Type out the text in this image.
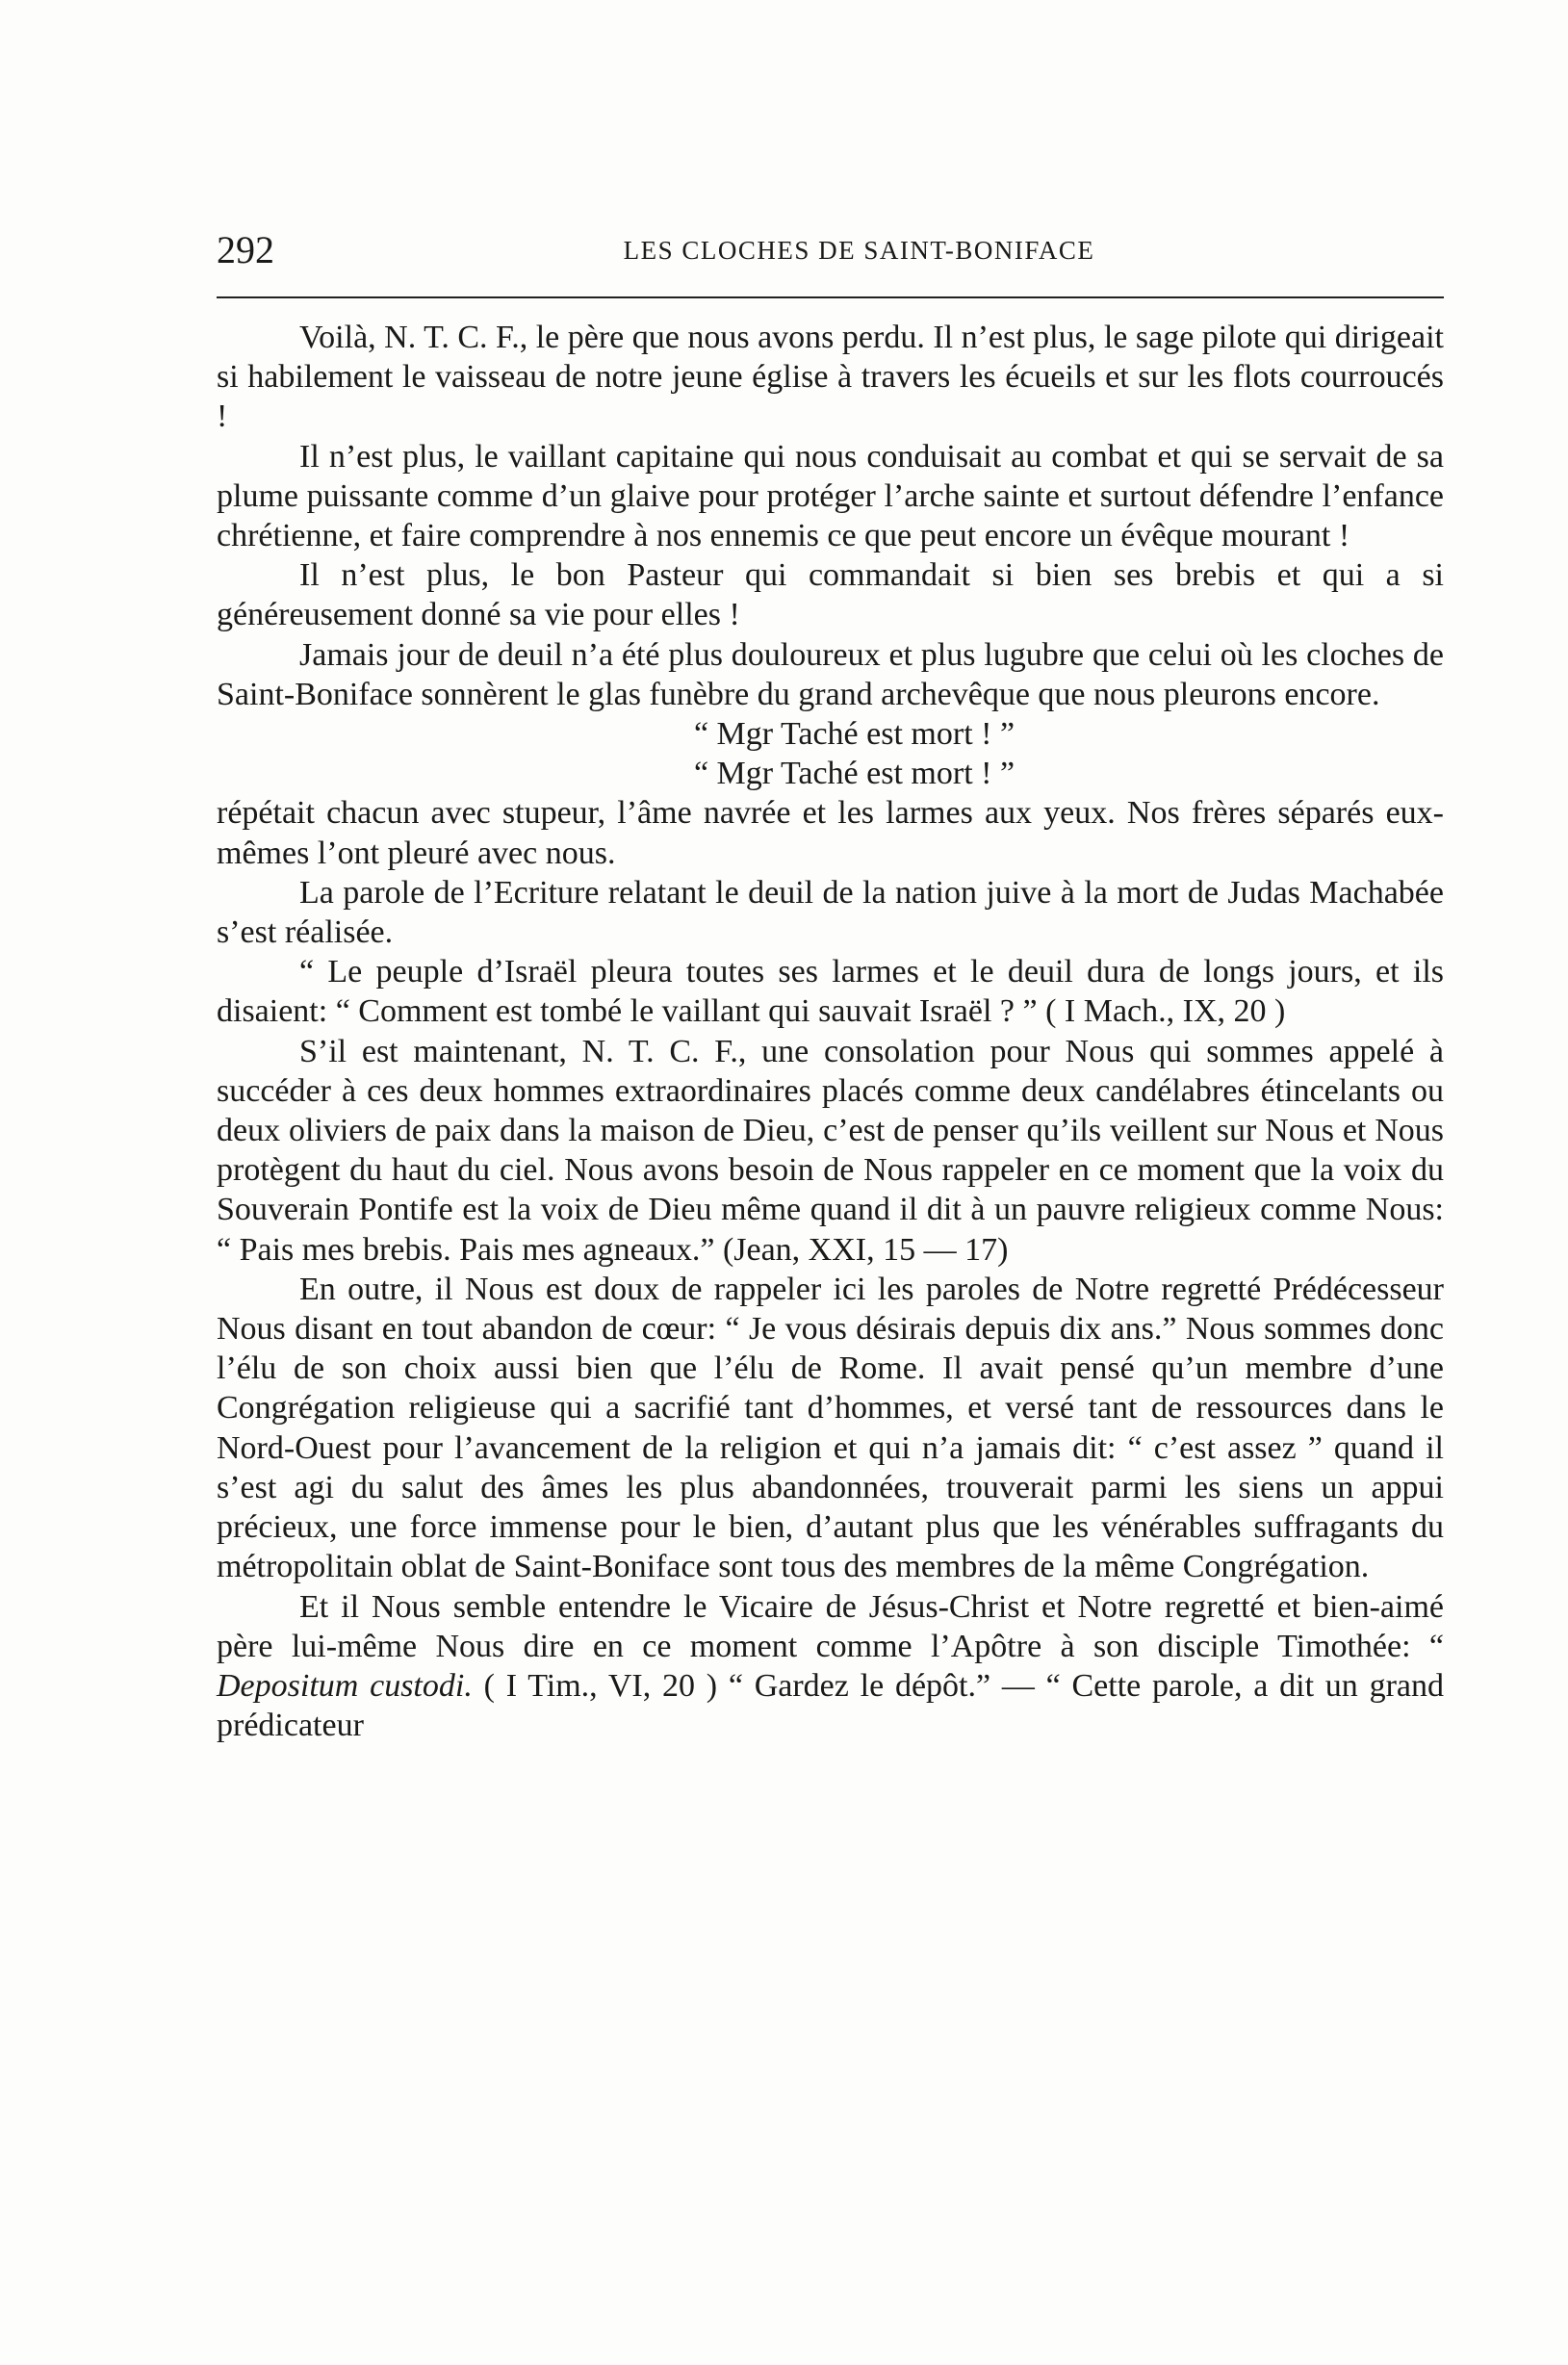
292	LES CLOCHES DE SAINT-BONIFACE

Voilà, N. T. C. F., le père que nous avons perdu. Il n’est plus, le sage pilote qui dirigeait si habilement le vaisseau de notre jeune église à travers les écueils et sur les flots courroucés !

Il n’est plus, le vaillant capitaine qui nous conduisait au combat et qui se servait de sa plume puissante comme d’un glaive pour protéger l’arche sainte et surtout défendre l’enfance chrétienne, et faire comprendre à nos ennemis ce que peut encore un évêque mourant !

Il n’est plus, le bon Pasteur qui commandait si bien ses brebis et qui a si généreusement donné sa vie pour elles !

Jamais jour de deuil n’a été plus douloureux et plus lugubre que celui où les cloches de Saint-Boniface sonnèrent le glas funèbre du grand archevêque que nous pleurons encore.

“ Mgr Taché est mort ! ”

“ Mgr Taché est mort ! ”

répétait chacun avec stupeur, l’âme navrée et les larmes aux yeux. Nos frères séparés eux-mêmes l’ont pleuré avec nous.

La parole de l’Ecriture relatant le deuil de la nation juive à la mort de Judas Machabée s’est réalisée.

“ Le peuple d’Israël pleura toutes ses larmes et le deuil dura de longs jours, et ils disaient: “ Comment est tombé le vaillant qui sauvait Israël ? ” ( I Mach., IX, 20 )

S’il est maintenant, N. T. C. F., une consolation pour Nous qui sommes appelé à succéder à ces deux hommes extraordinaires placés comme deux candélabres étincelants ou deux oliviers de paix dans la maison de Dieu, c’est de penser qu’ils veillent sur Nous et Nous protègent du haut du ciel. Nous avons besoin de Nous rappeler en ce moment que la voix du Souverain Pontife est la voix de Dieu même quand il dit à un pauvre religieux comme Nous: “ Pais mes brebis. Pais mes agneaux.” (Jean, XXI, 15 — 17)

En outre, il Nous est doux de rappeler ici les paroles de Notre regretté Prédécesseur Nous disant en tout abandon de cœur: “ Je vous désirais depuis dix ans.” Nous sommes donc l’élu de son choix aussi bien que l’élu de Rome. Il avait pensé qu’un membre d’une Congrégation religieuse qui a sacrifié tant d’hommes, et versé tant de ressources dans le Nord-Ouest pour l’avancement de la religion et qui n’a jamais dit: “ c’est assez ” quand il s’est agi du salut des âmes les plus abandonnées, trouverait parmi les siens un appui précieux, une force immense pour le bien, d’autant plus que les vénérables suffragants du métropolitain oblat de Saint-Boniface sont tous des membres de la même Congrégation.

Et il Nous semble entendre le Vicaire de Jésus-Christ et Notre regretté et bien-aimé père lui-même Nous dire en ce moment comme l’Apôtre à son disciple Timothée: “ Depositum custodi. ( I Tim., VI, 20 ) “ Gardez le dépôt.” — “ Cette parole, a dit un grand prédicateur
